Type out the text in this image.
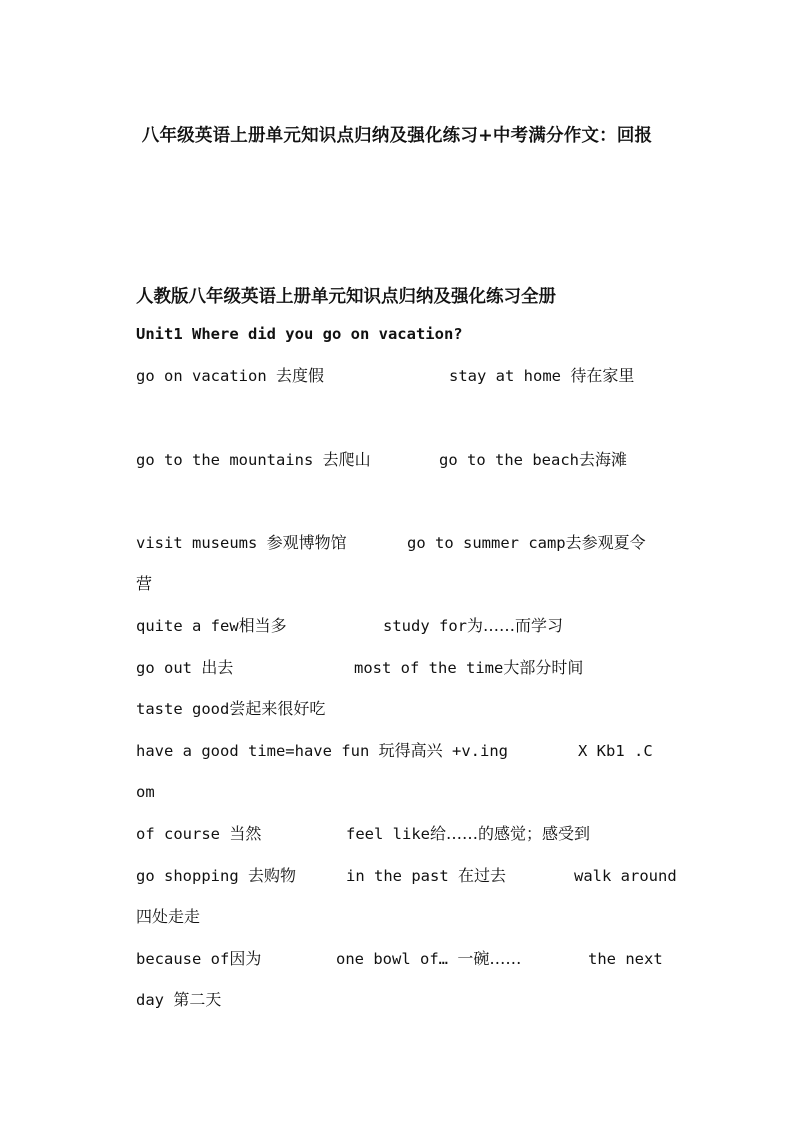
八年级英语上册单元知识点归纳及强化练习+中考满分作文：回报
人教版八年级英语上册单元知识点归纳及强化练习全册
Unit1 Where did you go on vacation?
go on vacation 去度假	stay at home 待在家里
go to the mountains 去爬山	go to the beach去海滩
visit museums 参观博物馆	go to summer camp去参观夏令
营
quite a few相当多	study for为……而学习
go out 出去	most of the time大部分时间
taste good尝起来很好吃
have a good time=have fun 玩得高兴 +v.ing	X Kb1 .C
om
of course 当然	feel like给……的感觉；感受到
go shopping 去购物	in the past 在过去	walk around
四处走走
because of因为	one bowl of… 一碗……	the next
day 第二天
